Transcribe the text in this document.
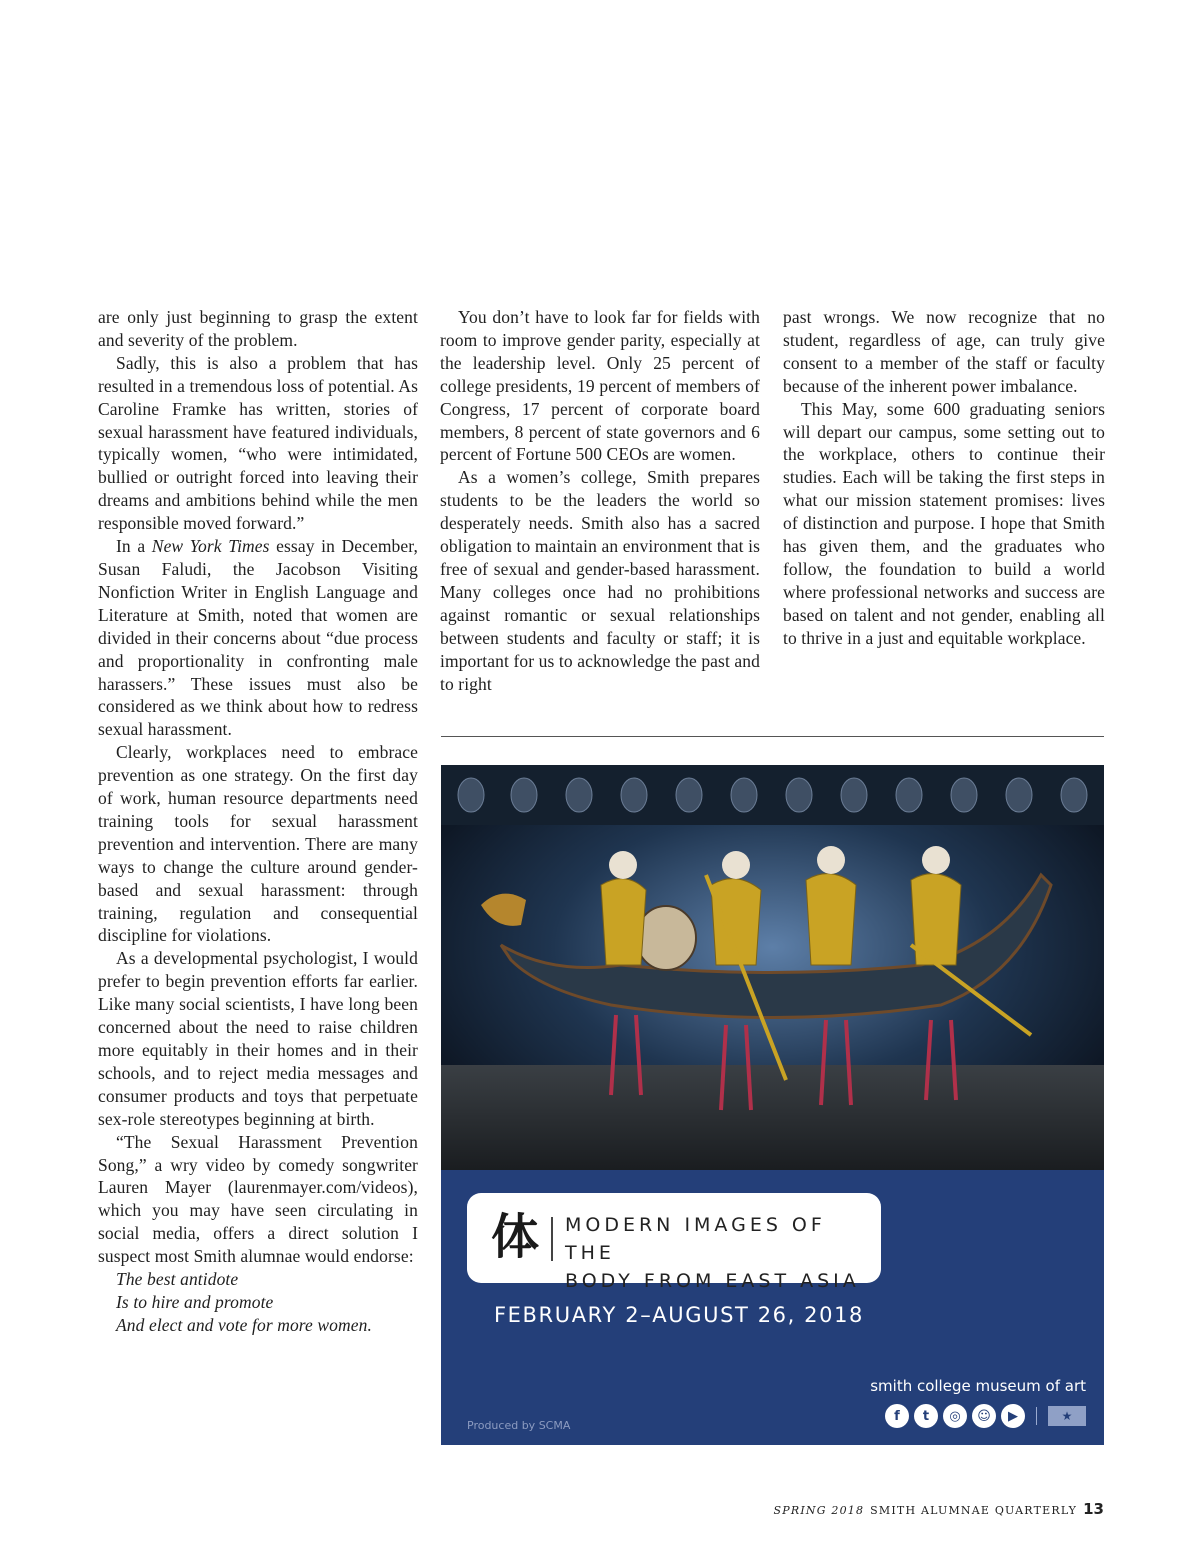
are only just beginning to grasp the extent and severity of the problem.

Sadly, this is also a problem that has resulted in a tremendous loss of potential. As Caroline Framke has written, stories of sexual harassment have featured individuals, typically women, “who were intimidated, bullied or outright forced into leaving their dreams and ambitions behind while the men responsible moved forward.”

In a New York Times essay in December, Susan Faludi, the Jacobson Visiting Nonfiction Writer in English Language and Literature at Smith, noted that women are divided in their concerns about “due process and proportionality in confronting male harassers.” These issues must also be considered as we think about how to redress sexual harassment.

Clearly, workplaces need to embrace prevention as one strategy. On the first day of work, human resource departments need training tools for sexual harassment prevention and intervention. There are many ways to change the culture around gender-based and sexual harassment: through training, regulation and consequential discipline for violations.

As a developmental psychologist, I would prefer to begin prevention efforts far earlier. Like many social scientists, I have long been concerned about the need to raise children more equitably in their homes and in their schools, and to reject media messages and consumer products and toys that perpetuate sex-role stereotypes beginning at birth.

“The Sexual Harassment Prevention Song,” a wry video by comedy songwriter Lauren Mayer (laurenmayer.com/videos), which you may have seen circulating in social media, offers a direct solution I suspect most Smith alumnae would endorse:

The best antidote

Is to hire and promote

And elect and vote for more women.

You don’t have to look far for fields with room to improve gender parity, especially at the leadership level. Only 25 percent of college presidents, 19 percent of members of Congress, 17 percent of corporate board members, 8 percent of state governors and 6 percent of Fortune 500 CEOs are women.

As a women’s college, Smith prepares students to be the leaders the world so desperately needs. Smith also has a sacred obligation to maintain an environment that is free of sexual and gender-based harassment. Many colleges once had no prohibitions against romantic or sexual relationships between students and faculty or staff; it is important for us to acknowledge the past and to right

past wrongs. We now recognize that no student, regardless of age, can truly give consent to a member of the staff or faculty because of the inherent power imbalance.

This May, some 600 graduating seniors will depart our campus, some setting out to the workplace, others to continue their studies. Each will be taking the first steps in what our mission statement promises: lives of distinction and purpose. I hope that Smith has given them, and the graduates who follow, the foundation to build a world where professional networks and success are based on talent and not gender, enabling all to thrive in a just and equitable workplace.

体 MODERN IMAGES OF THE
BODY FROM EAST ASIA
FEBRUARY 2–AUGUST 26, 2018
smith college museum of art
f	t	◎	☺	▶	★
Produced by SCMA
SPRING 2018 SMITH ALUMNAE QUARTERLY 13
